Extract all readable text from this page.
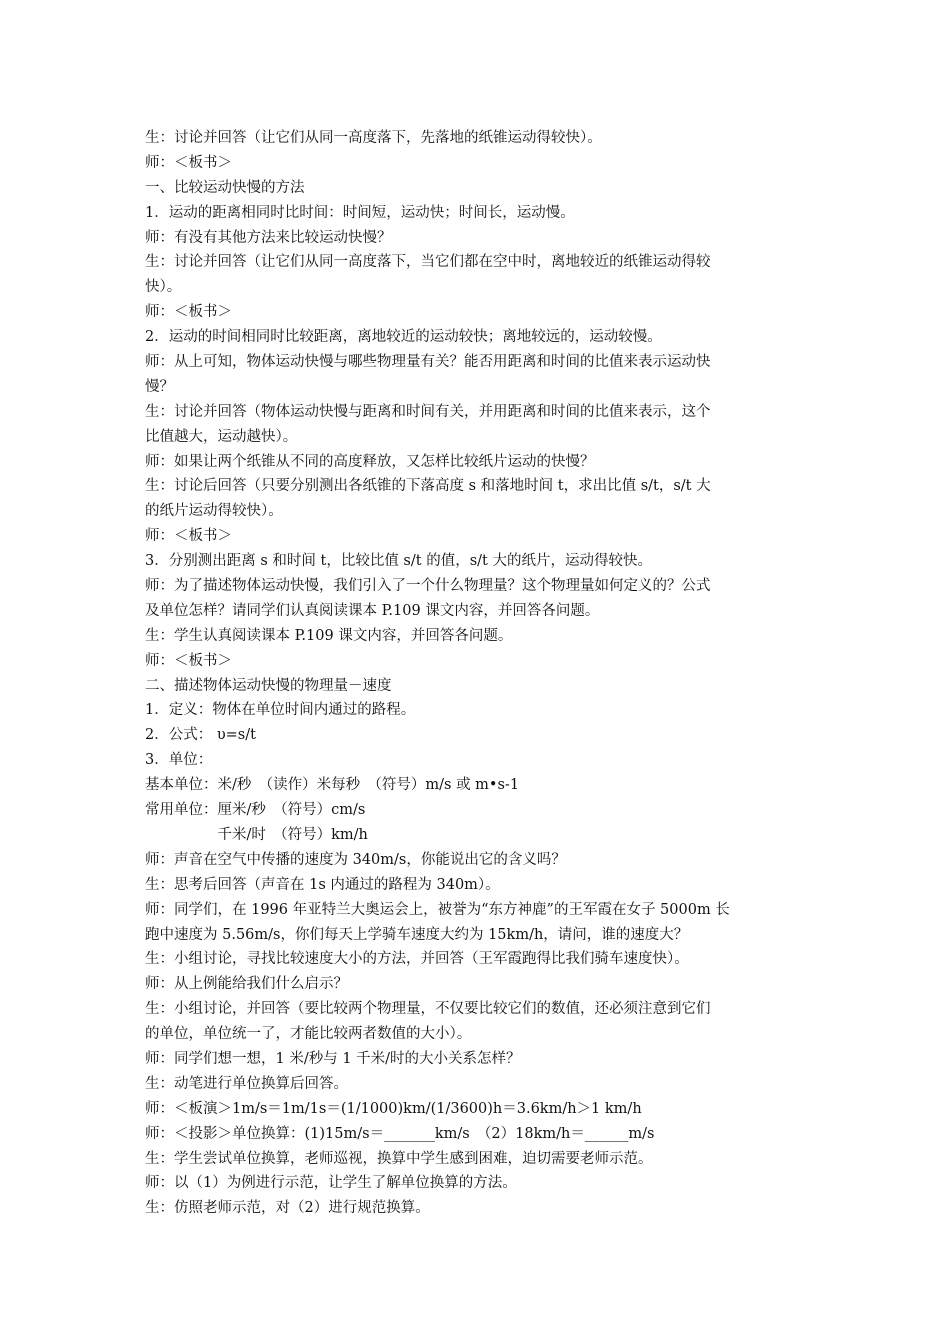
生：讨论并回答（让它们从同一高度落下，先落地的纸锥运动得较快）。
师：＜板书＞
一、比较运动快慢的方法
1．运动的距离相同时比时间：时间短，运动快；时间长，运动慢。
师：有没有其他方法来比较运动快慢？
生：讨论并回答（让它们从同一高度落下，当它们都在空中时，离地较近的纸锥运动得较
快）。
师：＜板书＞
2．运动的时间相同时比较距离，离地较近的运动较快；离地较远的，运动较慢。
师：从上可知，物体运动快慢与哪些物理量有关？能否用距离和时间的比值来表示运动快
慢？
生：讨论并回答（物体运动快慢与距离和时间有关，并用距离和时间的比值来表示，这个
比值越大，运动越快）。
师：如果让两个纸锥从不同的高度释放，又怎样比较纸片运动的快慢？
生：讨论后回答（只要分别测出各纸锥的下落高度 s 和落地时间 t，求出比值 s/t，s/t 大
的纸片运动得较快）。
师：＜板书＞
3．分别测出距离 s 和时间 t，比较比值 s/t 的值，s/t 大的纸片，运动得较快。
师：为了描述物体运动快慢，我们引入了一个什么物理量？这个物理量如何定义的？公式
及单位怎样？请同学们认真阅读课本 P.109 课文内容，并回答各问题。
生：学生认真阅读课本 P.109 课文内容，并回答各问题。
师：＜板书＞
二、描述物体运动快慢的物理量－速度
1．定义：物体在单位时间内通过的路程。
2．公式： υ=s/t
3．单位：
基本单位：米/秒　（读作）米每秒　（符号）m/s 或 m•s-1
常用单位：厘米/秒　（符号）cm/s
　　　　　千米/时　（符号）km/h
师：声音在空气中传播的速度为 340m/s，你能说出它的含义吗？
生：思考后回答（声音在 1s 内通过的路程为 340m）。
师：同学们，在 1996 年亚特兰大奥运会上，被誉为“东方神鹿”的王军霞在女子 5000m 长
跑中速度为 5.56m/s，你们每天上学骑车速度大约为 15km/h，请问，谁的速度大？
生：小组讨论，寻找比较速度大小的方法，并回答（王军霞跑得比我们骑车速度快）。
师：从上例能给我们什么启示？
生：小组讨论，并回答（要比较两个物理量，不仅要比较它们的数值，还必须注意到它们
的单位，单位统一了，才能比较两者数值的大小）。
师：同学们想一想，1 米/秒与 1 千米/时的大小关系怎样？
生：动笔进行单位换算后回答。
师：＜板演＞1m/s＝1m/1s＝(1/1000)km/(1/3600)h＝3.6km/h＞1 km/h
师：＜投影＞单位换算：(1)15m/s＝_______km/s　（2）18km/h＝______m/s
生：学生尝试单位换算，老师巡视，换算中学生感到困难，迫切需要老师示范。
师：以（1）为例进行示范，让学生了解单位换算的方法。
生：仿照老师示范，对（2）进行规范换算。
